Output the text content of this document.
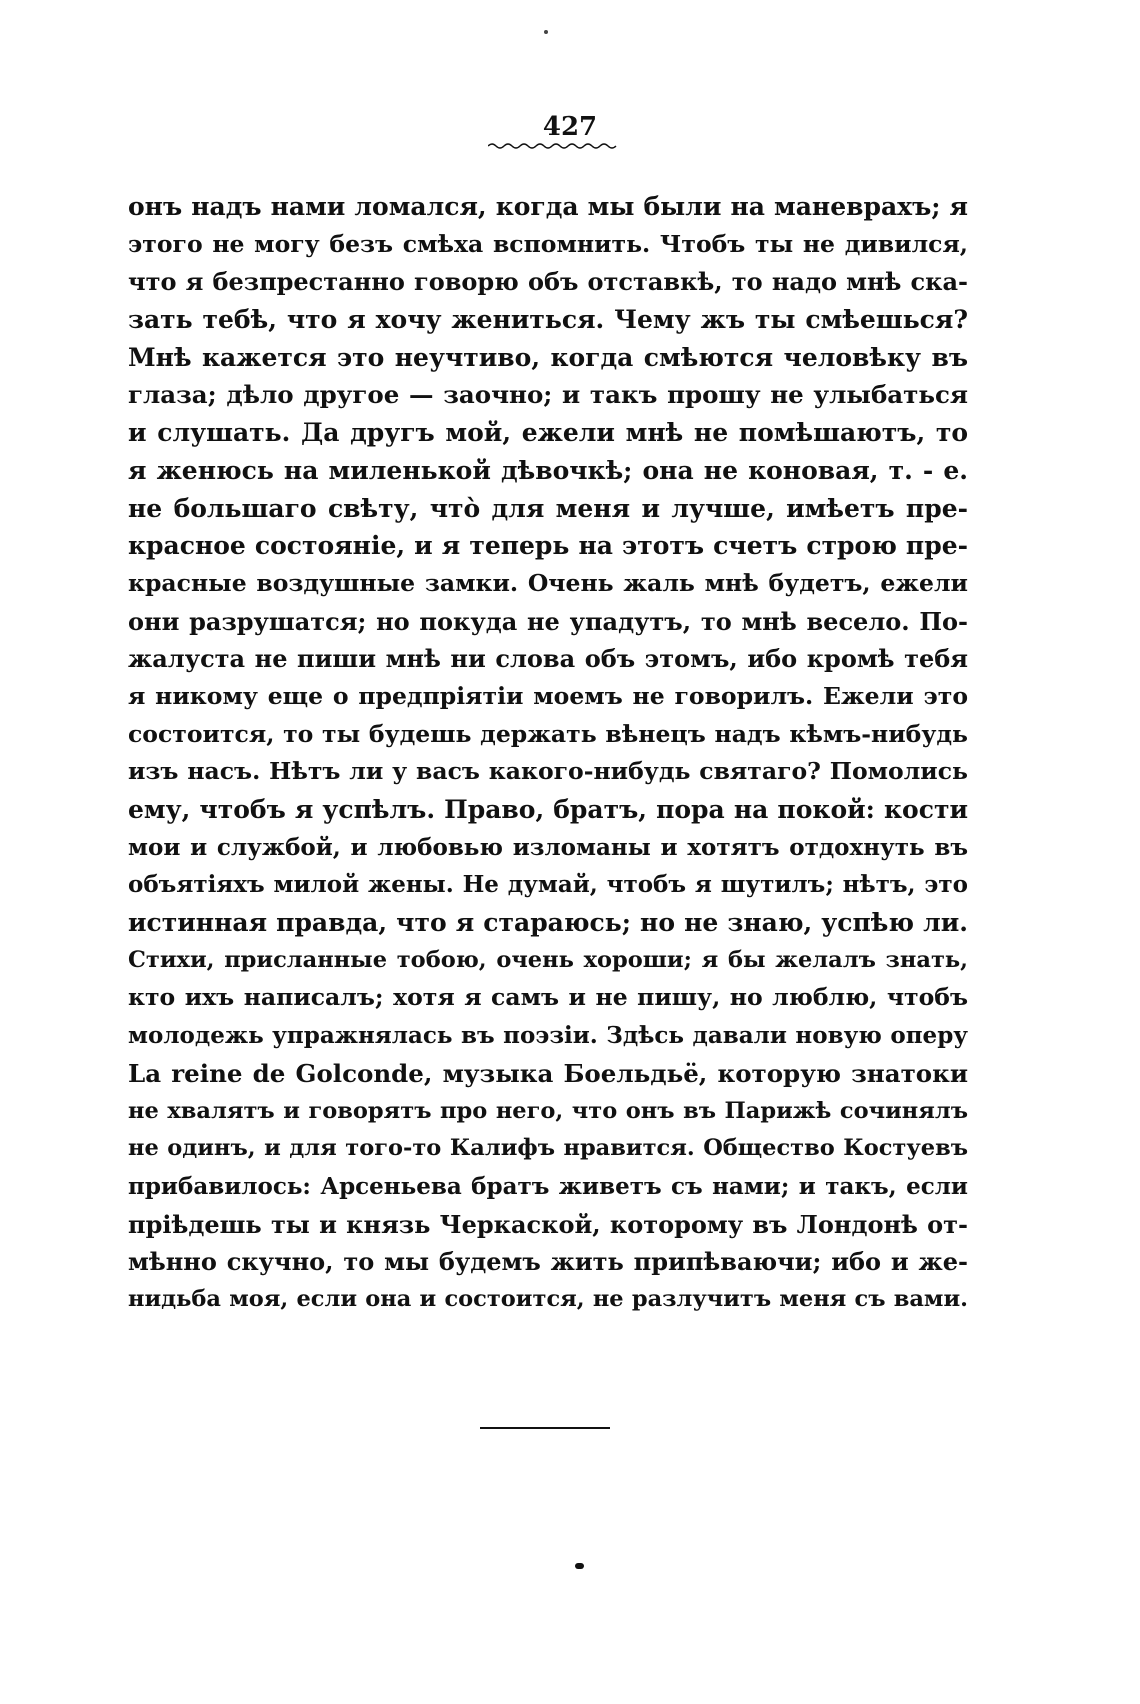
427
онъ надъ нами ломался, когда мы были на маневрахъ; я
этого не могу безъ смѣха вспомнить. Чтобъ ты не дивился,
что я безпрестанно говорю объ отставкѣ, то надо мнѣ ска-
зать тебѣ, что я хочу жениться. Чему жъ ты смѣешься?
Мнѣ кажется это неучтиво, когда смѣются человѣку въ
глаза; дѣло другое — заочно; и такъ прошу не улыбаться
и слушать. Да другъ мой, ежели мнѣ не помѣшаютъ, то
я женюсь на миленькой дѣвочкѣ; она не коновая, т. - е.
не большаго свѣту, что̀ для меня и лучше, имѣетъ пре-
красное состояніе, и я теперь на этотъ счетъ строю пре-
красные воздушные замки. Очень жаль мнѣ будетъ, ежели
они разрушатся; но покуда не упадутъ, то мнѣ весело. По-
жалуста не пиши мнѣ ни слова объ этомъ, ибо кромѣ тебя
я никому еще о предпріятіи моемъ не говорилъ. Ежели это
состоится, то ты будешь держать вѣнецъ надъ кѣмъ-нибудь
изъ насъ. Нѣтъ ли у васъ какого-нибудь святаго? Помолись
ему, чтобъ я успѣлъ. Право, братъ, пора на покой: кости
мои и службой, и любовью изломаны и хотятъ отдохнуть въ
объятіяхъ милой жены. Не думай, чтобъ я шутилъ; нѣтъ, это
истинная правда, что я стараюсь; но не знаю, успѣю ли.
Стихи, присланные тобою, очень хороши; я бы желалъ знать,
кто ихъ написалъ; хотя я самъ и не пишу, но люблю, чтобъ
молодежь упражнялась въ поэзіи. Здѣсь давали новую оперу
La reine de Golconde, музыка Боельдьё, которую знатоки
не хвалятъ и говорятъ про него, что онъ въ Парижѣ сочинялъ
не одинъ, и для того-то Калифъ нравится. Общество Костуевъ
прибавилось: Арсеньева братъ живетъ съ нами; и такъ, если
пріѣдешь ты и князь Черкаской, которому въ Лондонѣ от-
мѣнно скучно, то мы будемъ жить припѣваючи; ибо и же-
нидьба моя, если она и состоится, не разлучитъ меня съ вами.
